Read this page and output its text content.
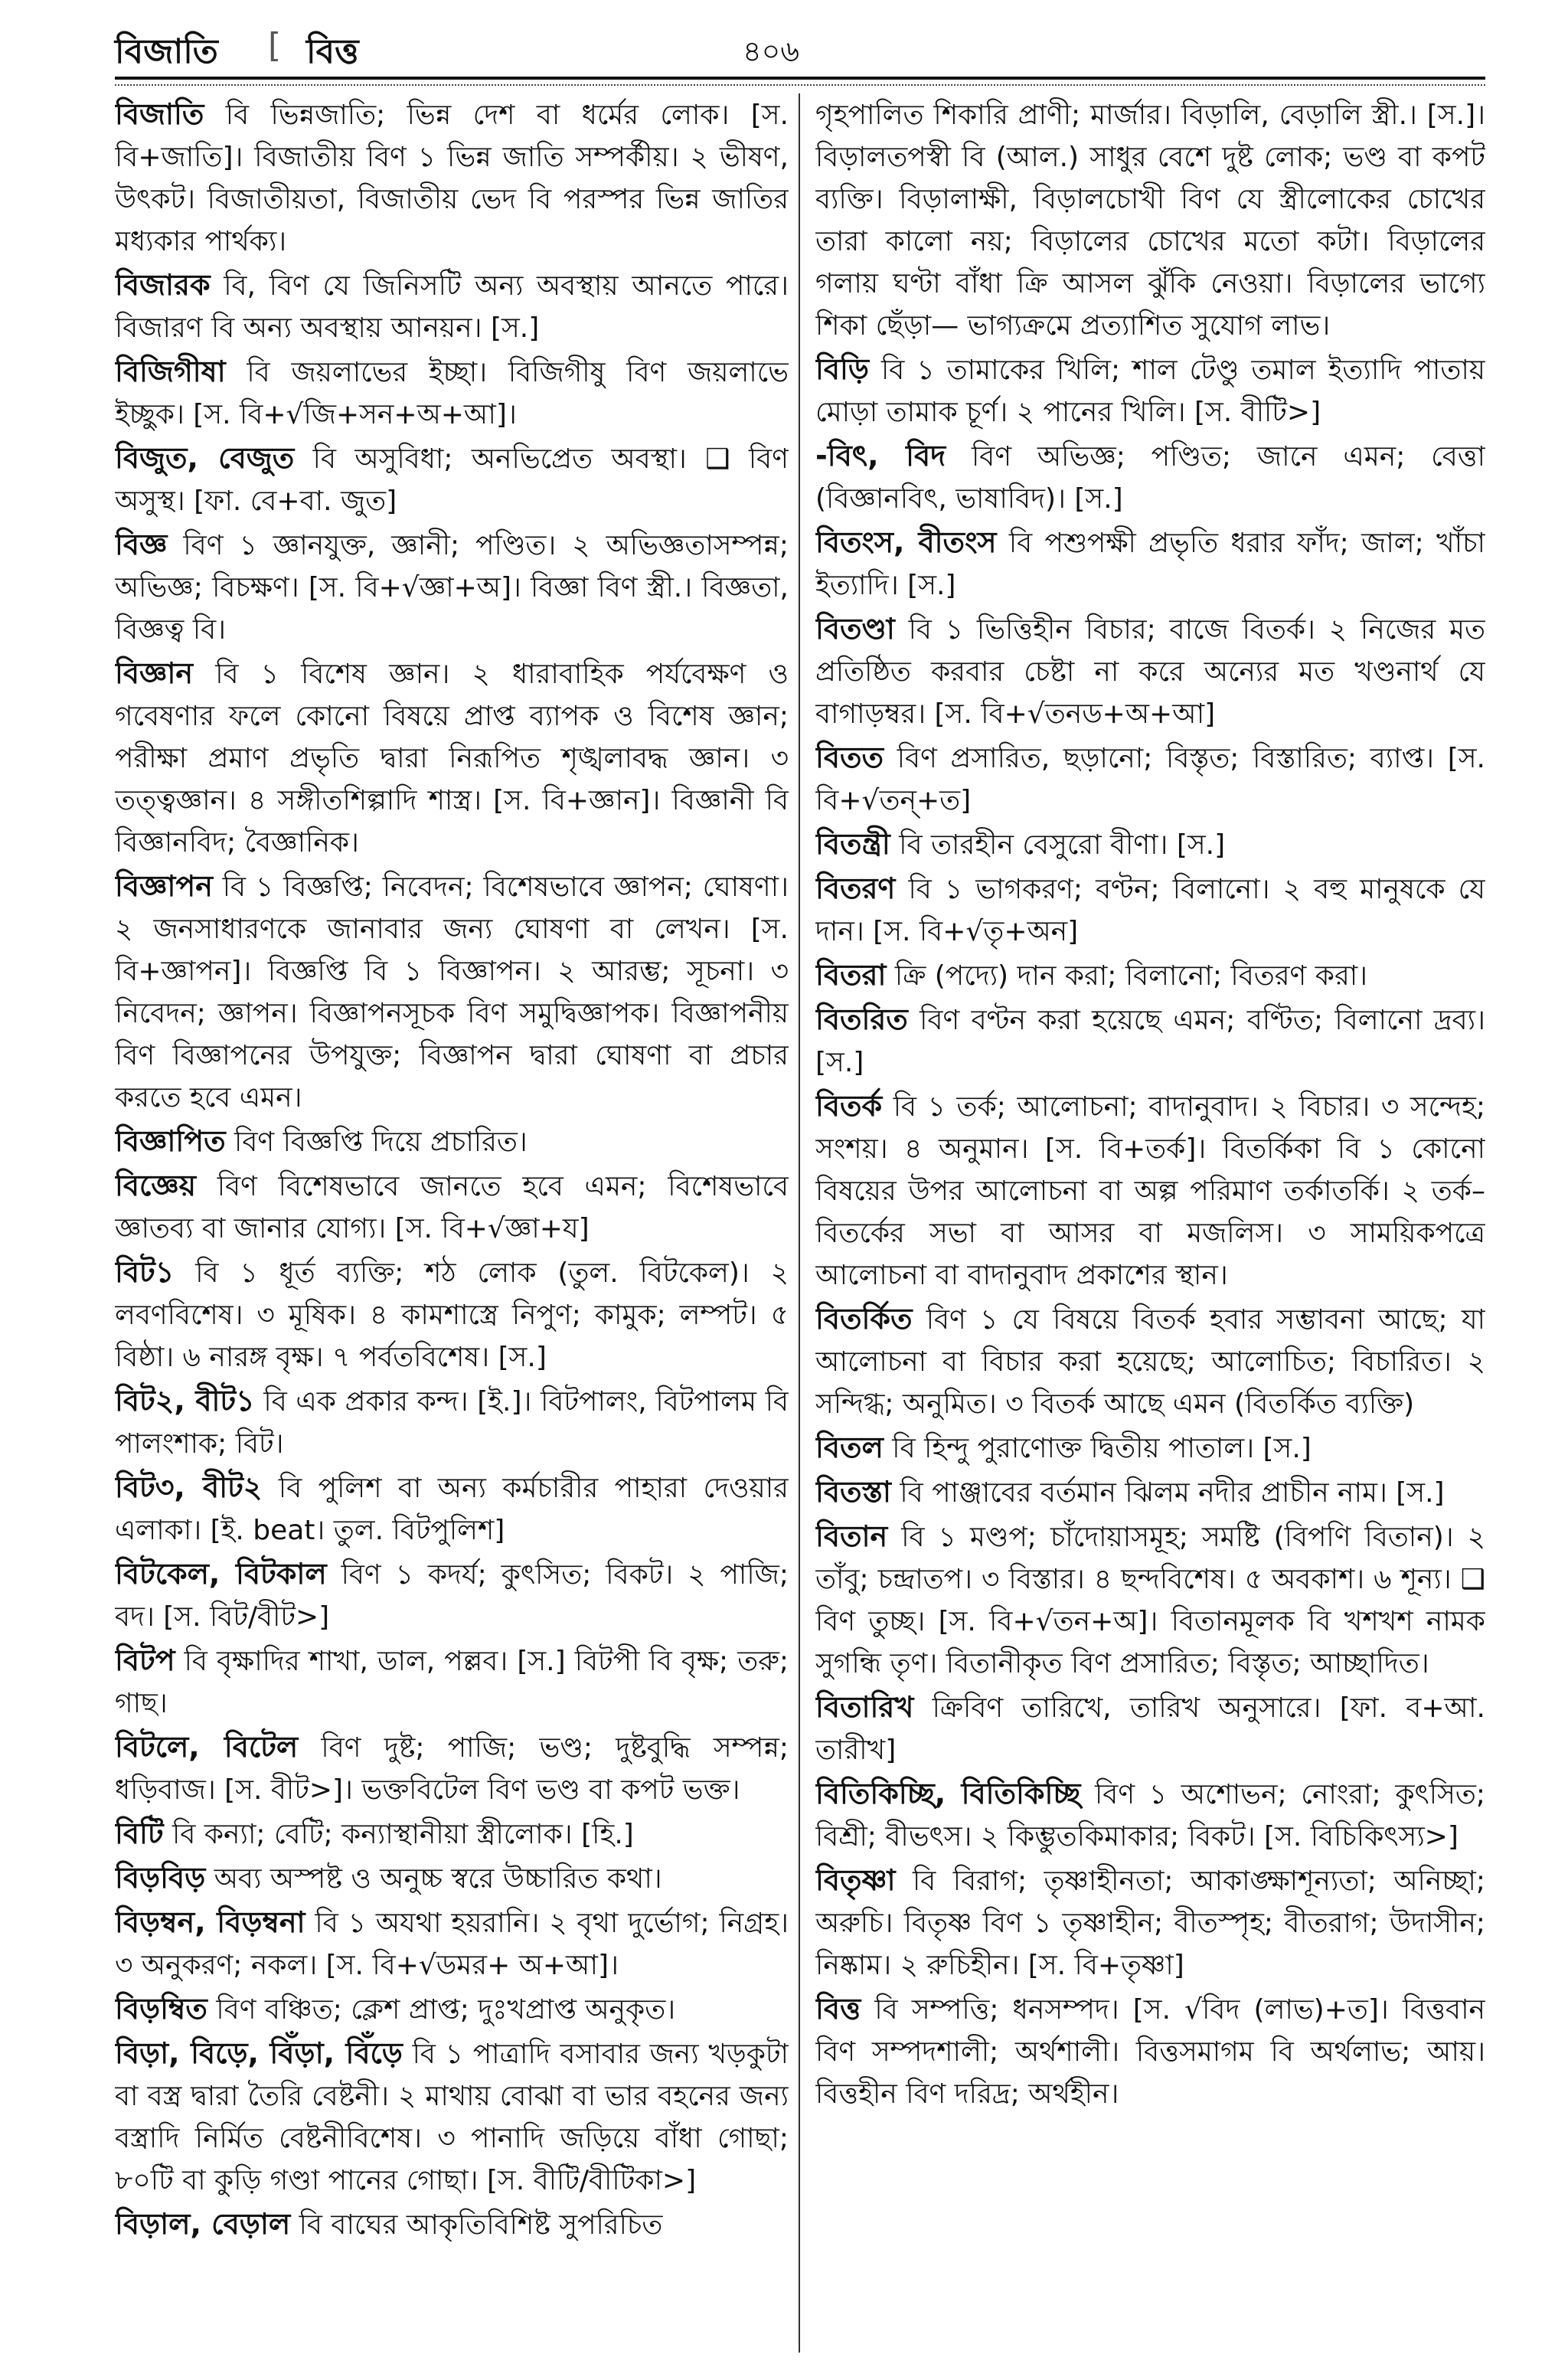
বিজাতি [ বিত্ত	৪০৬

বিজাতি বি ভিন্নজাতি; ভিন্ন দেশ বা ধর্মের লোক। [স. বি+জাতি]। বিজাতীয় বিণ ১ ভিন্ন জাতি সম্পর্কীয়। ২ ভীষণ, উৎকট। বিজাতীয়তা, বিজাতীয় ভেদ বি পরস্পর ভিন্ন জাতির মধ্যকার পার্থক্য।

বিজারক বি, বিণ যে জিনিসটি অন্য অবস্থায় আনতে পারে। বিজারণ বি অন্য অবস্থায় আনয়ন। [স.]

বিজিগীষা বি জয়লাভের ইচ্ছা। বিজিগীষু বিণ জয়লাভে ইচ্ছুক। [স. বি+√জি+সন+অ+আ]।

বিজুত, বেজুত বি অসুবিধা; অনভিপ্রেত অবস্থা। ❑ বিণ অসুস্থ। [ফা. বে+বা. জুত]

বিজ্ঞ বিণ ১ জ্ঞানযুক্ত, জ্ঞানী; পণ্ডিত। ২ অভিজ্ঞতাসম্পন্ন; অভিজ্ঞ; বিচক্ষণ। [স. বি+√জ্ঞা+অ]। বিজ্ঞা বিণ স্ত্রী.। বিজ্ঞতা, বিজ্ঞত্ব বি।

বিজ্ঞান বি ১ বিশেষ জ্ঞান। ২ ধারাবাহিক পর্যবেক্ষণ ও গবেষণার ফলে কোনো বিষয়ে প্রাপ্ত ব্যাপক ও বিশেষ জ্ঞান; পরীক্ষা প্রমাণ প্রভৃতি দ্বারা নিরূপিত শৃঙ্খলাবদ্ধ জ্ঞান। ৩ তত্ত্বজ্ঞান। ৪ সঙ্গীতশিল্পাদি শাস্ত্র। [স. বি+জ্ঞান]। বিজ্ঞানী বি বিজ্ঞানবিদ; বৈজ্ঞানিক।

বিজ্ঞাপন বি ১ বিজ্ঞপ্তি; নিবেদন; বিশেষভাবে জ্ঞাপন; ঘোষণা। ২ জনসাধারণকে জানাবার জন্য ঘোষণা বা লেখন। [স. বি+জ্ঞাপন]। বিজ্ঞপ্তি বি ১ বিজ্ঞাপন। ২ আরম্ভ; সূচনা। ৩ নিবেদন; জ্ঞাপন। বিজ্ঞাপনসূচক বিণ সমুদ্বিজ্ঞাপক। বিজ্ঞাপনীয় বিণ বিজ্ঞাপনের উপযুক্ত; বিজ্ঞাপন দ্বারা ঘোষণা বা প্রচার করতে হবে এমন।

বিজ্ঞাপিত বিণ বিজ্ঞপ্তি দিয়ে প্রচারিত।

বিজ্ঞেয় বিণ বিশেষভাবে জানতে হবে এমন; বিশেষভাবে জ্ঞাতব্য বা জানার যোগ্য। [স. বি+√জ্ঞা+য]

বিট১ বি ১ ধূর্ত ব্যক্তি; শঠ লোক (তুল. বিটকেল)। ২ লবণবিশেষ। ৩ মূষিক। ৪ কামশাস্ত্রে নিপুণ; কামুক; লম্পট। ৫ বিষ্ঠা। ৬ নারঙ্গ বৃক্ষ। ৭ পর্বতবিশেষ। [স.]

বিট২, বীট১ বি এক প্রকার কন্দ। [ই.]। বিটপালং, বিটপালম বি পালংশাক; বিট।

বিট৩, বীট২ বি পুলিশ বা অন্য কর্মচারীর পাহারা দেওয়ার এলাকা। [ই. beat। তুল. বিটপুলিশ]

বিটকেল, বিটকাল বিণ ১ কদর্য; কুৎসিত; বিকট। ২ পাজি; বদ। [স. বিট/বীট>]

বিটপ বি বৃক্ষাদির শাখা, ডাল, পল্লব। [স.] বিটপী বি বৃক্ষ; তরু; গাছ।

বিটলে, বিটেল বিণ দুষ্ট; পাজি; ভণ্ড; দুষ্টবুদ্ধি সম্পন্ন; ধড়িবাজ। [স. বীট>]। ভক্তবিটেল বিণ ভণ্ড বা কপট ভক্ত।

বিটি বি কন্যা; বেটি; কন্যাস্থানীয়া স্ত্রীলোক। [হি.]

বিড়বিড় অব্য অস্পষ্ট ও অনুচ্চ স্বরে উচ্চারিত কথা।

বিড়ম্বন, বিড়ম্বনা বি ১ অযথা হয়রানি। ২ বৃথা দুর্ভোগ; নিগ্রহ। ৩ অনুকরণ; নকল। [স. বি+√ডমর+ অ+আ]।

বিড়ম্বিত বিণ বঞ্চিত; ক্লেশ প্রাপ্ত; দুঃখপ্রাপ্ত অনুকৃত।

বিড়া, বিড়ে, বিঁড়া, বিঁড়ে বি ১ পাত্রাদি বসাবার জন্য খড়কুটা বা বস্ত্র দ্বারা তৈরি বেষ্টনী। ২ মাথায় বোঝা বা ভার বহনের জন্য বস্ত্রাদি নির্মিত বেষ্টনীবিশেষ। ৩ পানাদি জড়িয়ে বাঁধা গোছা; ৮০টি বা কুড়ি গণ্ডা পানের গোছা। [স. বীটি/বীটিকা>]

বিড়াল, বেড়াল বি বাঘের আকৃতিবিশিষ্ট সুপরিচিত

গৃহপালিত শিকারি প্রাণী; মার্জার। বিড়ালি, বেড়ালি স্ত্রী.। [স.]। বিড়ালতপস্বী বি (আল.) সাধুর বেশে দুষ্ট লোক; ভণ্ড বা কপট ব্যক্তি। বিড়ালাক্ষী, বিড়ালচোখী বিণ যে স্ত্রীলোকের চোখের তারা কালো নয়; বিড়ালের চোখের মতো কটা। বিড়ালের গলায় ঘণ্টা বাঁধা ক্রি আসল ঝুঁকি নেওয়া। বিড়ালের ভাগ্যে শিকা ছেঁড়া— ভাগ্যক্রমে প্রত্যাশিত সুযোগ লাভ।

বিড়ি বি ১ তামাকের খিলি; শাল টেণ্ডু তমাল ইত্যাদি পাতায় মোড়া তামাক চূর্ণ। ২ পানের খিলি। [স. বীটি>]

-বিৎ, বিদ বিণ অভিজ্ঞ; পণ্ডিত; জানে এমন; বেত্তা (বিজ্ঞানবিৎ, ভাষাবিদ)। [স.]

বিতংস, বীতংস বি পশুপক্ষী প্রভৃতি ধরার ফাঁদ; জাল; খাঁচা ইত্যাদি। [স.]

বিতণ্ডা বি ১ ভিত্তিহীন বিচার; বাজে বিতর্ক। ২ নিজের মত প্রতিষ্ঠিত করবার চেষ্টা না করে অন্যের মত খণ্ডনার্থ যে বাগাড়ম্বর। [স. বি+√তনড+অ+আ]

বিতত বিণ প্রসারিত, ছড়ানো; বিস্তৃত; বিস্তারিত; ব্যাপ্ত। [স. বি+√তন্+ত]

বিতন্ত্রী বি তারহীন বেসুরো বীণা। [স.]

বিতরণ বি ১ ভাগকরণ; বণ্টন; বিলানো। ২ বহু মানুষকে যে দান। [স. বি+√তৃ+অন]

বিতরা ক্রি (পদ্যে) দান করা; বিলানো; বিতরণ করা।

বিতরিত বিণ বণ্টন করা হয়েছে এমন; বণ্টিত; বিলানো দ্রব্য। [স.]

বিতর্ক বি ১ তর্ক; আলোচনা; বাদানুবাদ। ২ বিচার। ৩ সন্দেহ; সংশয়। ৪ অনুমান। [স. বি+তর্ক]। বিতর্কিকা বি ১ কোনো বিষয়ের উপর আলোচনা বা অল্প পরিমাণ তর্কাতর্কি। ২ তর্ক–বিতর্কের সভা বা আসর বা মজলিস। ৩ সাময়িকপত্রে আলোচনা বা বাদানুবাদ প্রকাশের স্থান।

বিতর্কিত বিণ ১ যে বিষয়ে বিতর্ক হবার সম্ভাবনা আছে; যা আলোচনা বা বিচার করা হয়েছে; আলোচিত; বিচারিত। ২ সন্দিগ্ধ; অনুমিত। ৩ বিতর্ক আছে এমন (বিতর্কিত ব্যক্তি)

বিতল বি হিন্দু পুরাণোক্ত দ্বিতীয় পাতাল। [স.]

বিতস্তা বি পাঞ্জাবের বর্তমান ঝিলম নদীর প্রাচীন নাম। [স.]

বিতান বি ১ মণ্ডপ; চাঁদোয়াসমূহ; সমষ্টি (বিপণি বিতান)। ২ তাঁবু; চন্দ্রাতপ। ৩ বিস্তার। ৪ ছন্দবিশেষ। ৫ অবকাশ। ৬ শূন্য। ❑ বিণ তুচ্ছ। [স. বি+√তন+অ]। বিতানমূলক বি খশখশ নামক সুগন্ধি তৃণ। বিতানীকৃত বিণ প্রসারিত; বিস্তৃত; আচ্ছাদিত।

বিতারিখ ক্রিবিণ তারিখে, তারিখ অনুসারে। [ফা. ব+আ. তারীখ]

বিতিকিচ্ছি, বিতিকিচ্ছি বিণ ১ অশোভন; নোংরা; কুৎসিত; বিশ্রী; বীভৎস। ২ কিম্ভুতকিমাকার; বিকট। [স. বিচিকিৎস্য>]

বিতৃষ্ণা বি বিরাগ; তৃষ্ণাহীনতা; আকাঙ্ক্ষাশূন্যতা; অনিচ্ছা; অরুচি। বিতৃষ্ণ বিণ ১ তৃষ্ণাহীন; বীতস্পৃহ; বীতরাগ; উদাসীন; নিষ্কাম। ২ রুচিহীন। [স. বি+তৃষ্ণা]

বিত্ত বি সম্পত্তি; ধনসম্পদ। [স. √বিদ (লাভ)+ত]। বিত্তবান বিণ সম্পদশালী; অর্থশালী। বিত্তসমাগম বি অর্থলাভ; আয়। বিত্তহীন বিণ দরিদ্র; অর্থহীন।
